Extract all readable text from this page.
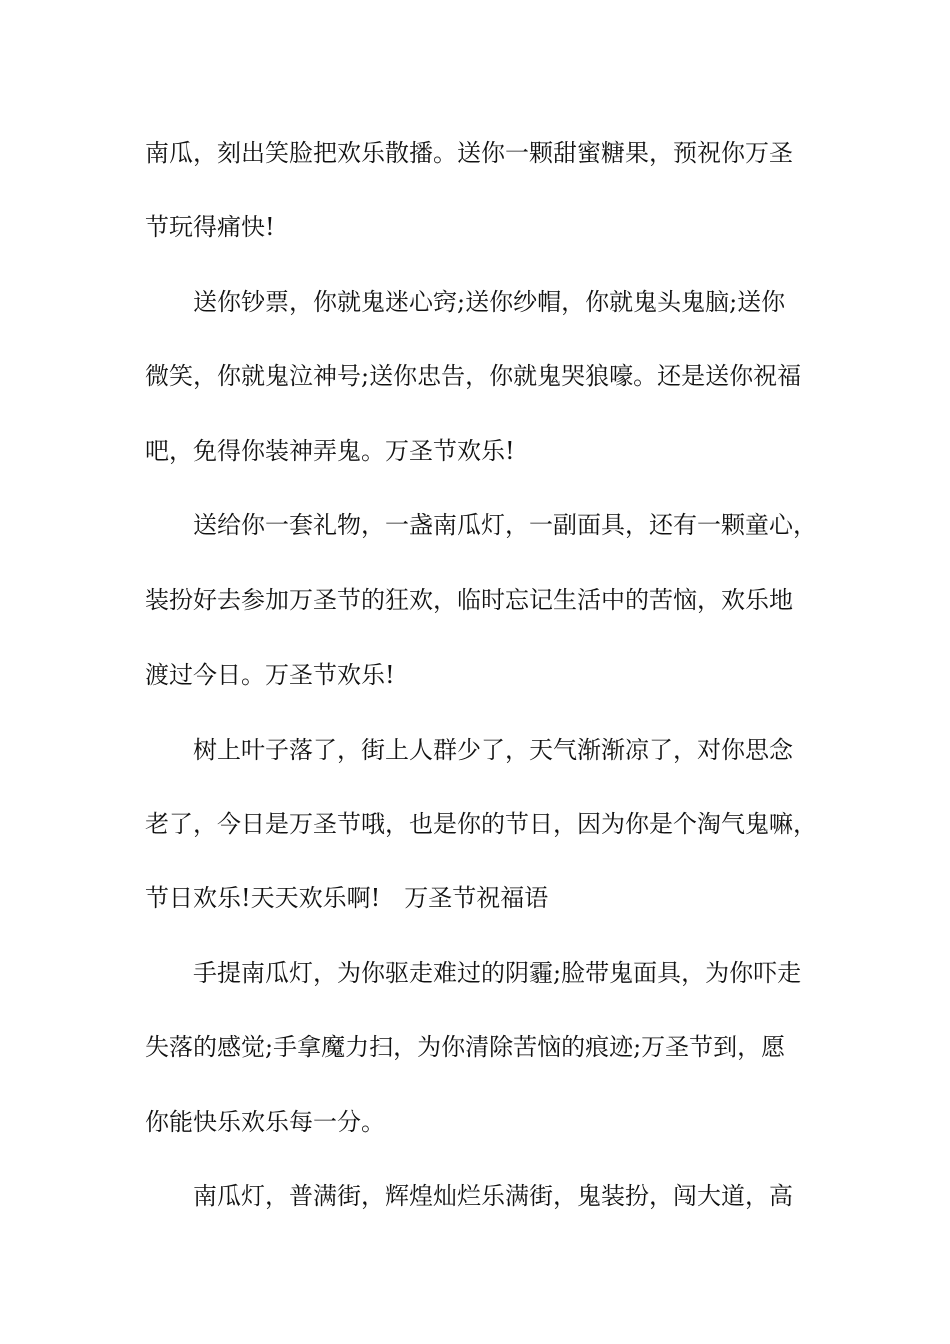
南瓜，刻出笑脸把欢乐散播。送你一颗甜蜜糖果，预祝你万圣
节玩得痛快!
送你钞票，你就鬼迷心窍;送你纱帽，你就鬼头鬼脑;送你
微笑，你就鬼泣神号;送你忠告，你就鬼哭狼嚎。还是送你祝福
吧，免得你装神弄鬼。万圣节欢乐!
送给你一套礼物，一盏南瓜灯，一副面具，还有一颗童心，
装扮好去参加万圣节的狂欢，临时忘记生活中的苦恼，欢乐地
渡过今日。万圣节欢乐!
树上叶子落了，街上人群少了，天气渐渐凉了，对你思念
老了，今日是万圣节哦，也是你的节日，因为你是个淘气鬼嘛，
节日欢乐!天天欢乐啊!　万圣节祝福语
手提南瓜灯，为你驱走难过的阴霾;脸带鬼面具，为你吓走
失落的感觉;手拿魔力扫，为你清除苦恼的痕迹;万圣节到，愿
你能快乐欢乐每一分。
南瓜灯，普满街，辉煌灿烂乐满街，鬼装扮，闯大道，高
